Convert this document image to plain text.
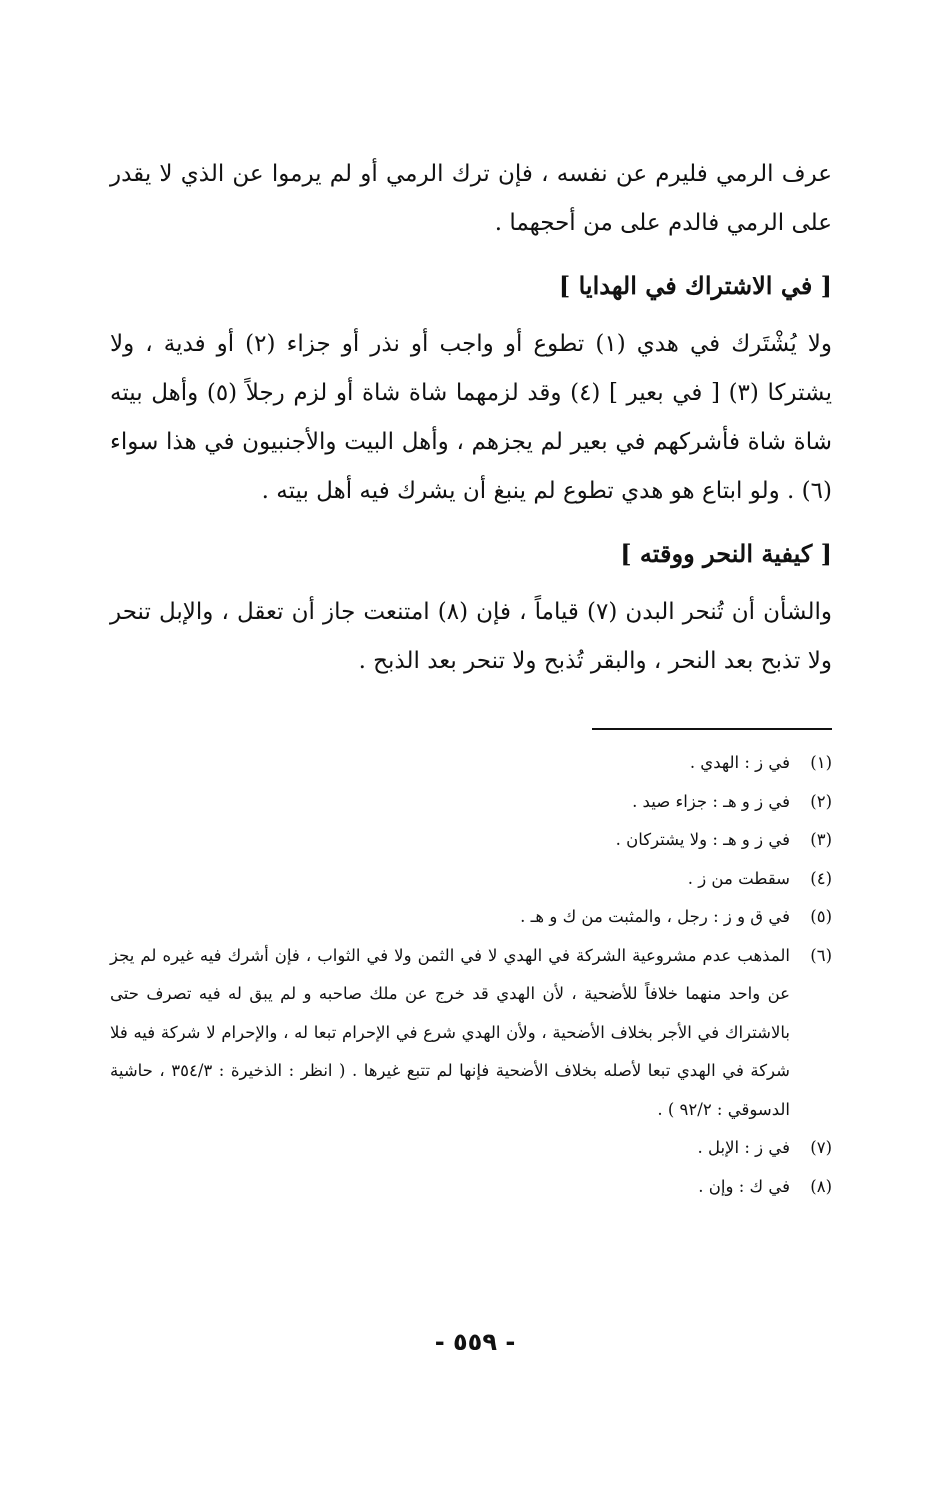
عرف الرمي فليرم عن نفسه ، فإن ترك الرمي أو لم يرموا عن الذي لا يقدر على الرمي فالدم على من أحجهما .

[ في الاشتراك في الهدايا ]

ولا يُشْتَرك في هدي (١) تطوع أو واجب أو نذر أو جزاء (٢) أو فدية ، ولا يشتركا (٣) [ في بعير ] (٤) وقد لزمهما شاة شاة أو لزم رجلاً (٥) وأهل بيته شاة شاة فأشركهم في بعير لم يجزهم ، وأهل البيت والأجنبيون في هذا سواء (٦) . ولو ابتاع هو هدي تطوع لم ينبغ أن يشرك فيه أهل بيته .

[ كيفية النحر ووقته ]

والشأن أن تُنحر البدن (٧) قياماً ، فإن (٨) امتنعت جاز أن تعقل ، والإبل تنحر ولا تذبح بعد النحر ، والبقر تُذبح ولا تنحر بعد الذبح .

(١)
في ز : الهدي .
(٢)
في ز و هـ : جزاء صيد .
(٣)
في ز و هـ : ولا يشتركان .
(٤)
سقطت من ز .
(٥)
في ق و ز : رجل ، والمثبت من ك و هـ .
(٦)
المذهب عدم مشروعية الشركة في الهدي لا في الثمن ولا في الثواب ، فإن أشرك فيه غيره لم يجز عن واحد منهما خلافاً للأضحية ، لأن الهدي قد خرج عن ملك صاحبه و لم يبق له فيه تصرف حتى بالاشتراك في الأجر بخلاف الأضحية ، ولأن الهدي شرع في الإحرام تبعا له ، والإحرام لا شركة فيه فلا شركة في الهدي تبعا لأصله بخلاف الأضحية فإنها لم تتبع غيرها . ( انظر : الذخيرة : ٣٥٤/٣ ، حاشية الدسوقي : ٩٢/٢ ) .
(٧)
في ز : الإبل .
(٨)
في ك : وإن .
- ٥٥٩ -
